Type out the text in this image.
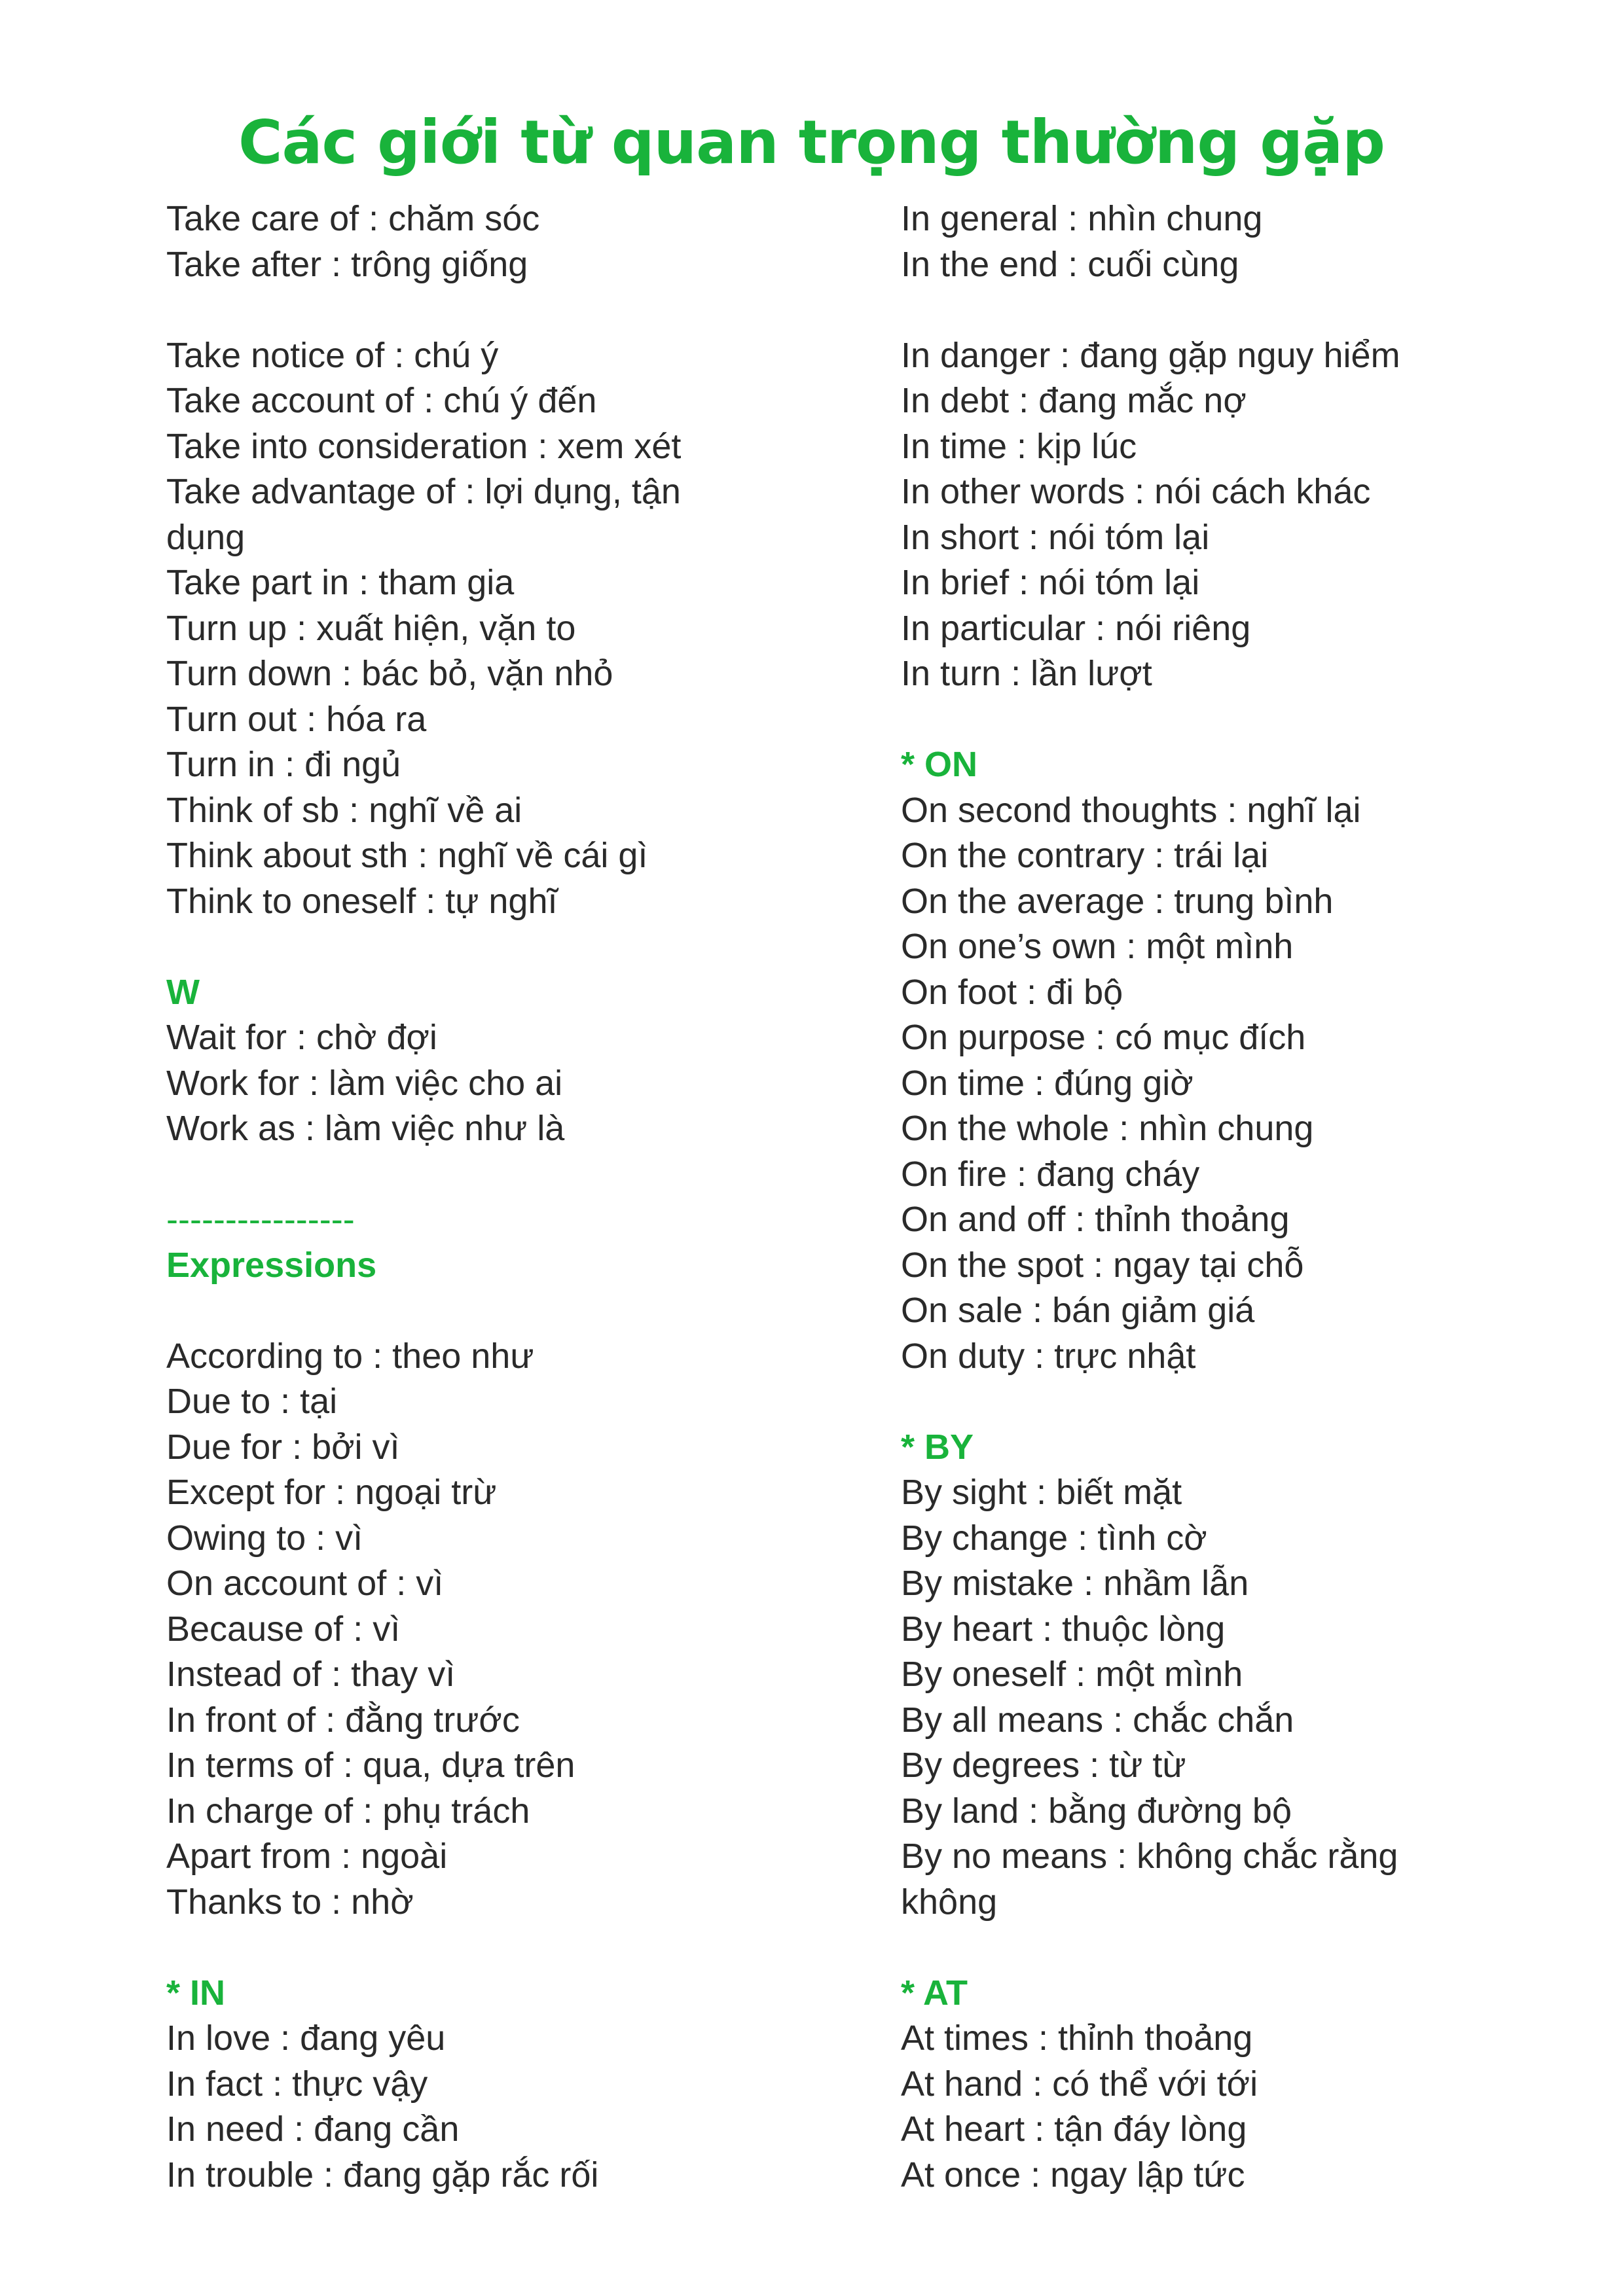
Các giới từ quan trọng thường gặp
Take care of : chăm sóc
Take after : trông giống
Take notice of : chú ý
Take account of : chú ý đến
Take into consideration : xem xét
Take advantage of : lợi dụng, tận
dụng
Take part in : tham gia
Turn up : xuất hiện, vặn to
Turn down : bác bỏ, vặn nhỏ
Turn out : hóa ra
Turn in : đi ngủ
Think of sb : nghĩ về ai
Think about sth : nghĩ về cái gì
Think to oneself : tự nghĩ
W
Wait for : chờ đợi
Work for : làm việc cho ai
Work as : làm việc như là
----------------
Expressions
According to : theo như
Due to : tại
Due for : bởi vì
Except for : ngoại trừ
Owing to : vì
On account of : vì
Because of : vì
Instead of : thay vì
In front of : đằng trước
In terms of : qua, dựa trên
In charge of : phụ trách
Apart from : ngoài
Thanks to : nhờ
* IN
In love : đang yêu
In fact : thực vậy
In need : đang cần
In trouble : đang gặp rắc rối
In general : nhìn chung
In the end : cuối cùng
In danger : đang gặp nguy hiểm
In debt : đang mắc nợ
In time : kịp lúc
In other words : nói cách khác
In short : nói tóm lại
In brief : nói tóm lại
In particular : nói riêng
In turn : lần lượt
* ON
On second thoughts : nghĩ lại
On the contrary : trái lại
On the average : trung bình
On one’s own : một mình
On foot : đi bộ
On purpose : có mục đích
On time : đúng giờ
On the whole : nhìn chung
On fire : đang cháy
On and off : thỉnh thoảng
On the spot : ngay tại chỗ
On sale : bán giảm giá
On duty : trực nhật
* BY
By sight : biết mặt
By change : tình cờ
By mistake : nhầm lẫn
By heart : thuộc lòng
By oneself : một mình
By all means : chắc chắn
By degrees : từ từ
By land : bằng đường bộ
By no means : không chắc rằng
không
* AT
At times : thỉnh thoảng
At hand : có thể với tới
At heart : tận đáy lòng
At once : ngay lập tức
